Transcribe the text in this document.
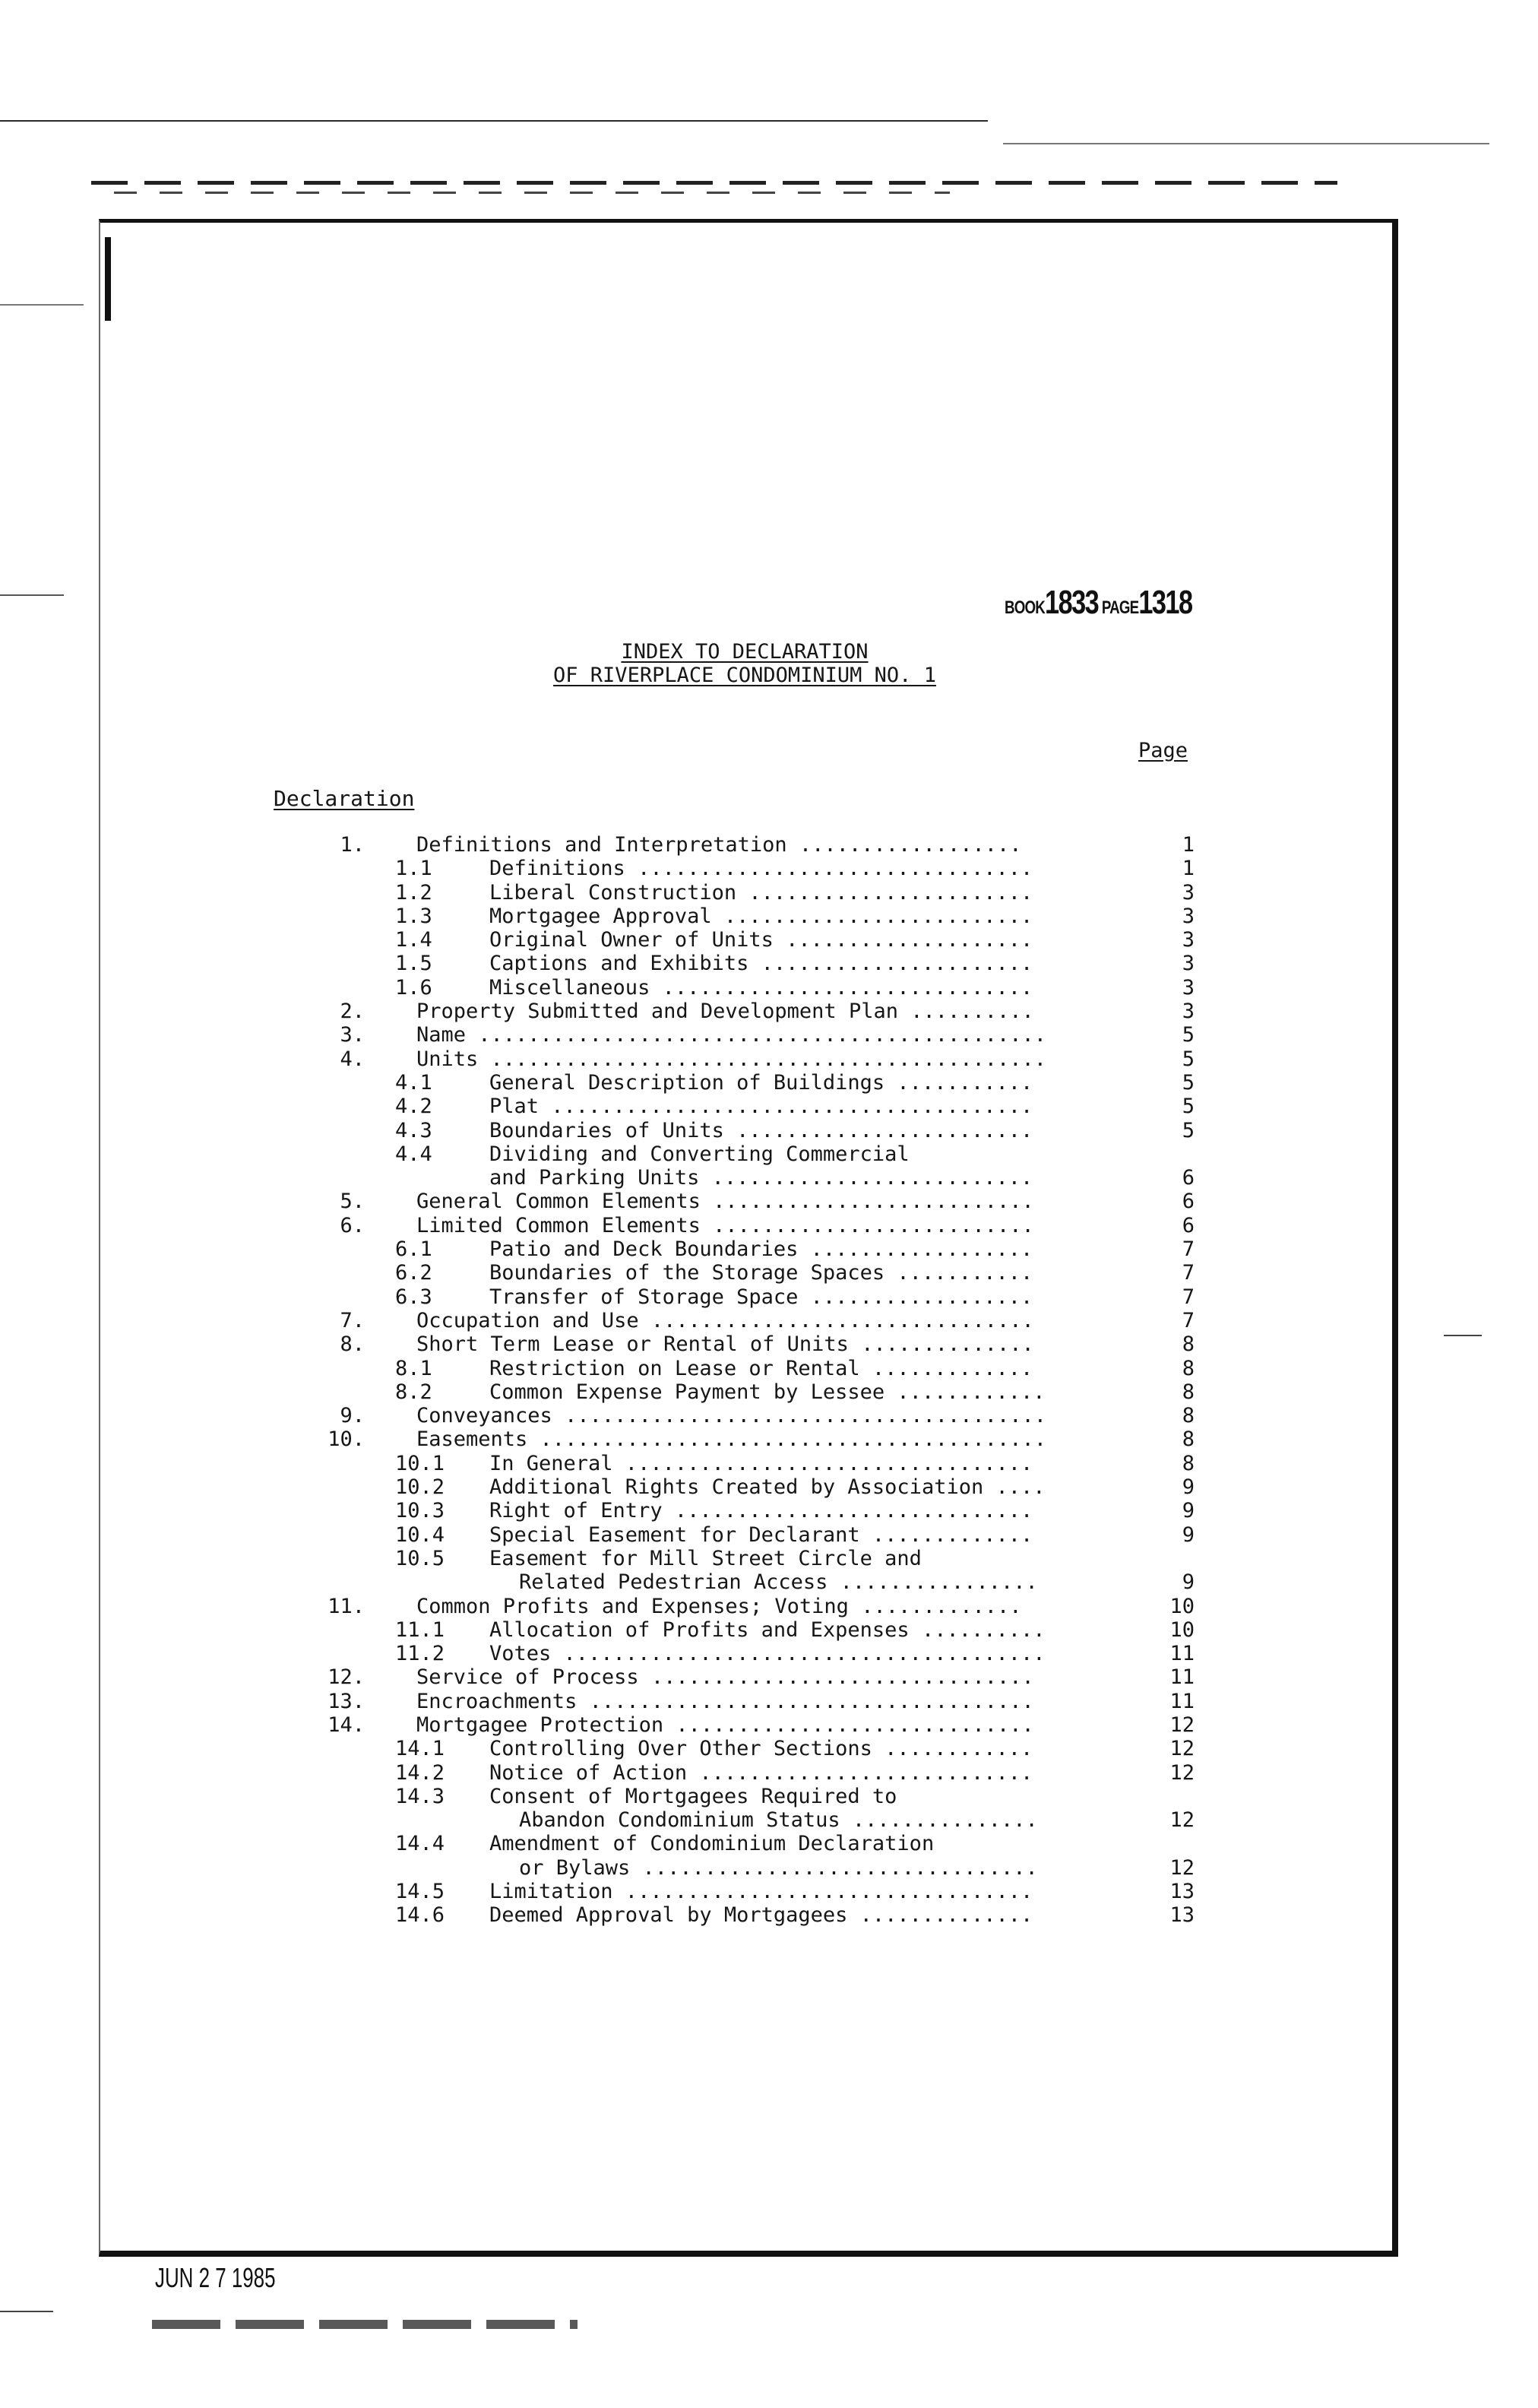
BOOK1833 PAGE1318
INDEX TO DECLARATION
OF RIVERPLACE CONDOMINIUM NO. 1
Page
Declaration
1.	Definitions and Interpretation ..................	1
1.1	Definitions ................................	1
1.2	Liberal Construction .......................	3
1.3	Mortgagee Approval .........................	3
1.4	Original Owner of Units ....................	3
1.5	Captions and Exhibits ......................	3
1.6	Miscellaneous ..............................	3
2.	Property Submitted and Development Plan ..........	3
3.	Name ..............................................	5
4.	Units .............................................	5
4.1	General Description of Buildings ...........	5
4.2	Plat .......................................	5
4.3	Boundaries of Units ........................	5
4.4	Dividing and Converting Commercial
and Parking Units ..........................	6
5.	General Common Elements ..........................	6
6.	Limited Common Elements ..........................	6
6.1	Patio and Deck Boundaries ..................	7
6.2	Boundaries of the Storage Spaces ...........	7
6.3	Transfer of Storage Space ..................	7
7.	Occupation and Use ...............................	7
8.	Short Term Lease or Rental of Units ..............	8
8.1	Restriction on Lease or Rental .............	8
8.2	Common Expense Payment by Lessee ............	8
9.	Conveyances .......................................	8
10.	Easements .........................................	8
10.1	In General .................................	8
10.2	Additional Rights Created by Association ....	9
10.3	Right of Entry .............................	9
10.4	Special Easement for Declarant .............	9
10.5	Easement for Mill Street Circle and
Related Pedestrian Access ................	9
11.	Common Profits and Expenses; Voting .............	10
11.1	Allocation of Profits and Expenses ..........	10
11.2	Votes .......................................	11
12.	Service of Process ...............................	11
13.	Encroachments ....................................	11
14.	Mortgagee Protection .............................	12
14.1	Controlling Over Other Sections ............	12
14.2	Notice of Action ...........................	12
14.3	Consent of Mortgagees Required to
Abandon Condominium Status ...............	12
14.4	Amendment of Condominium Declaration
or Bylaws ................................	12
14.5	Limitation .................................	13
14.6	Deemed Approval by Mortgagees ..............	13
JUN 2 7 1985
